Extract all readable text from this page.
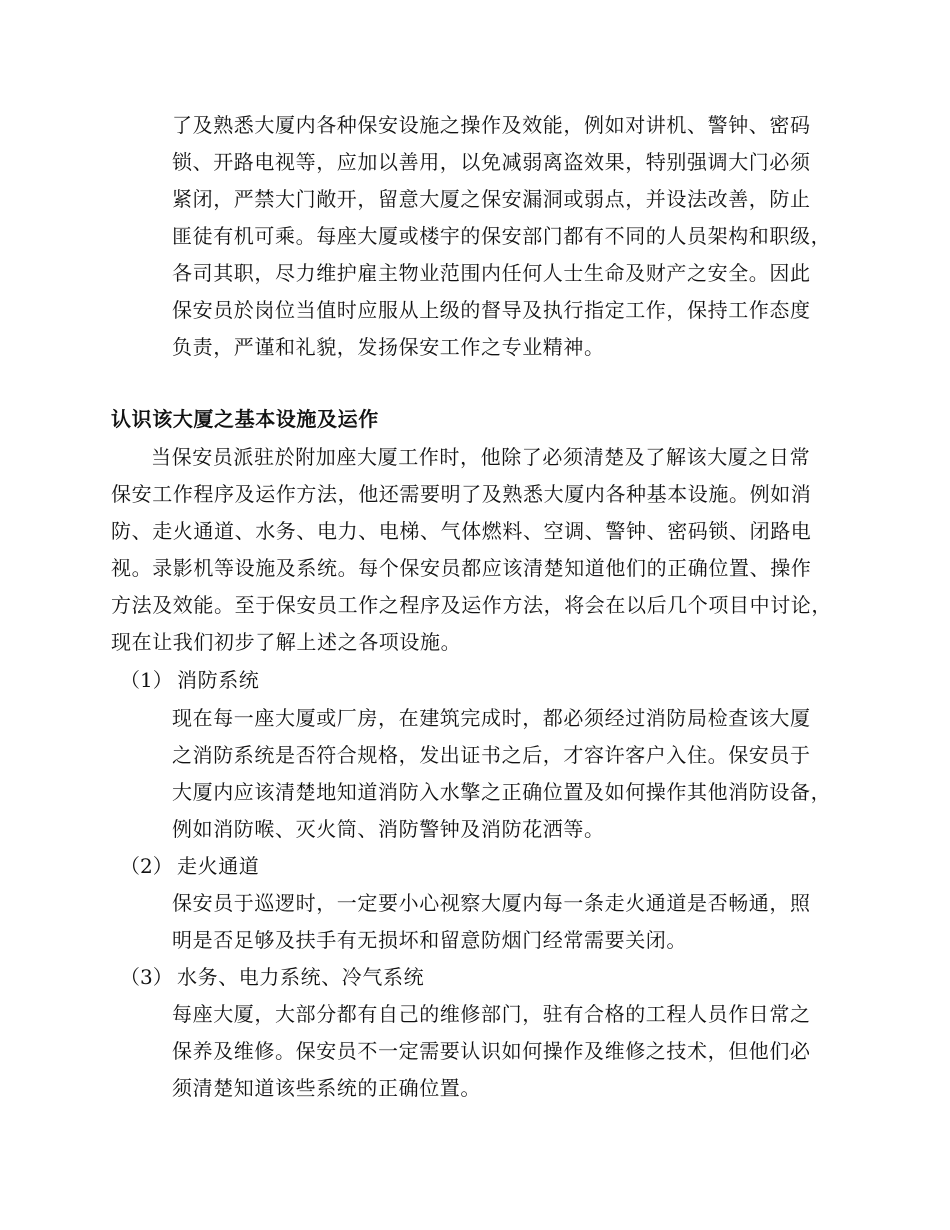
了及熟悉大厦内各种保安设施之操作及效能，例如对讲机、警钟、密码
锁、开路电视等，应加以善用，以免减弱离盗效果，特别强调大门必须
紧闭，严禁大门敞开，留意大厦之保安漏洞或弱点，并设法改善，防止
匪徒有机可乘。每座大厦或楼宇的保安部门都有不同的人员架构和职级，
各司其职，尽力维护雇主物业范围内任何人士生命及财产之安全。因此
保安员於岗位当值时应服从上级的督导及执行指定工作，保持工作态度
负责，严谨和礼貌，发扬保安工作之专业精神。
认识该大厦之基本设施及运作
当保安员派驻於附加座大厦工作时，他除了必须清楚及了解该大厦之日常
保安工作程序及运作方法，他还需要明了及熟悉大厦内各种基本设施。例如消
防、走火通道、水务、电力、电梯、气体燃料、空调、警钟、密码锁、闭路电
视。录影机等设施及系统。每个保安员都应该清楚知道他们的正确位置、操作
方法及效能。至于保安员工作之程序及运作方法，将会在以后几个项目中讨论，
现在让我们初步了解上述之各项设施。
（1） 消防系统
现在每一座大厦或厂房，在建筑完成时，都必须经过消防局检查该大厦
之消防系统是否符合规格，发出证书之后，才容许客户入住。保安员于
大厦内应该清楚地知道消防入水擎之正确位置及如何操作其他消防设备，
例如消防喉、灭火筒、消防警钟及消防花洒等。
（2） 走火通道
保安员于巡逻时，一定要小心视察大厦内每一条走火通道是否畅通，照
明是否足够及扶手有无损坏和留意防烟门经常需要关闭。
（3） 水务、电力系统、冷气系统
每座大厦，大部分都有自己的维修部门，驻有合格的工程人员作日常之
保养及维修。保安员不一定需要认识如何操作及维修之技术，但他们必
须清楚知道该些系统的正确位置。
